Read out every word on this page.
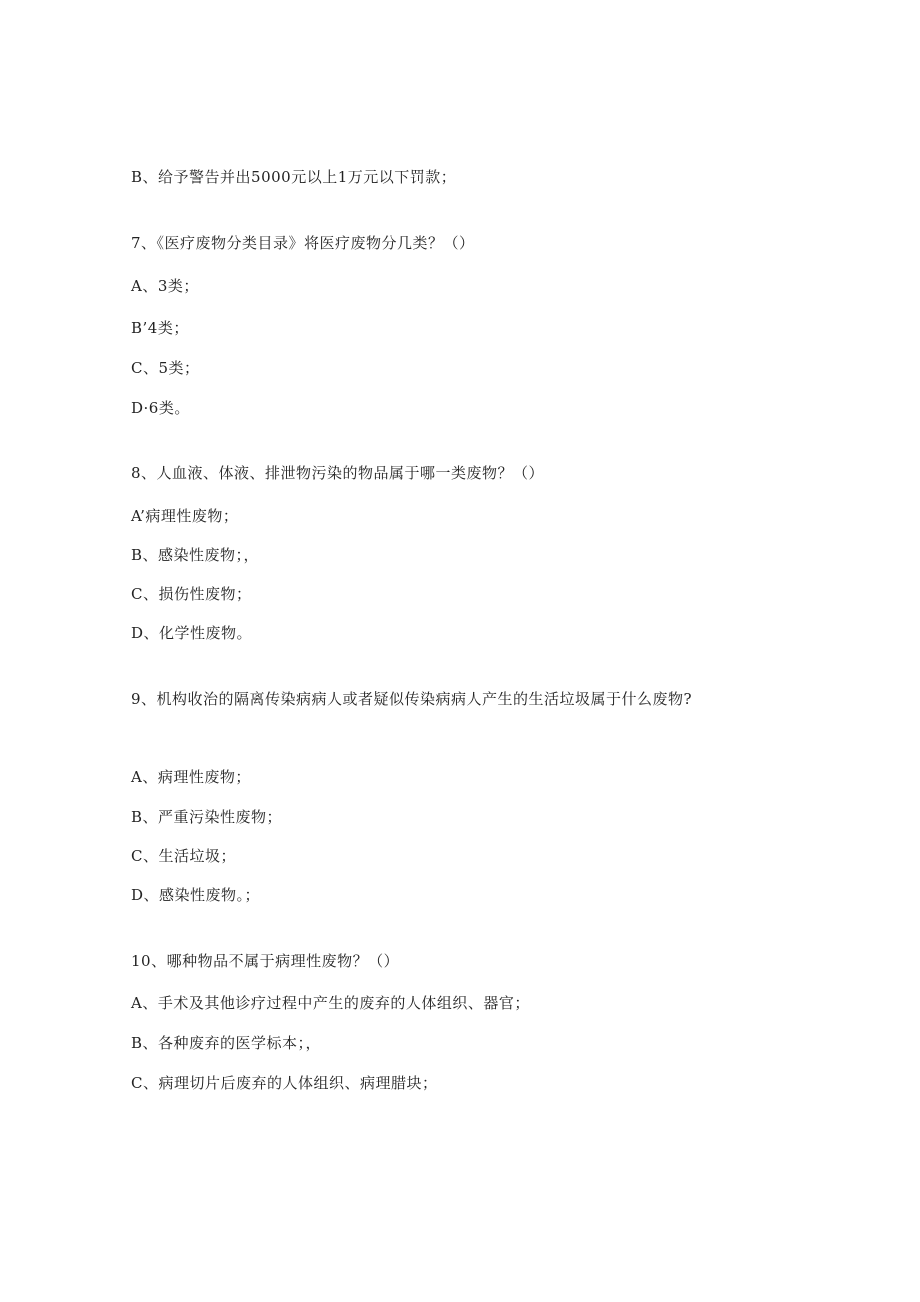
B、给予警告并出5000元以上1万元以下罚款；
7、《医疗废物分类目录》将医疗废物分几类？（）
A、3类；
B’4类；
C、5类；
D·6类。
8、人血液、体液、排泄物污染的物品属于哪一类废物？（）
A’病理性废物；
B、感染性废物；，
C、损伤性废物；
D、化学性废物。
9、机构收治的隔离传染病病人或者疑似传染病病人产生的生活垃圾属于什么废物?
A、病理性废物；
B、严重污染性废物；
C、生活垃圾；
D、感染性废物。；
10、哪种物品不属于病理性废物？（）
A、手术及其他诊疗过程中产生的废弃的人体组织、器官；
B、各种废弃的医学标本；，
C、病理切片后废弃的人体组织、病理腊块；
